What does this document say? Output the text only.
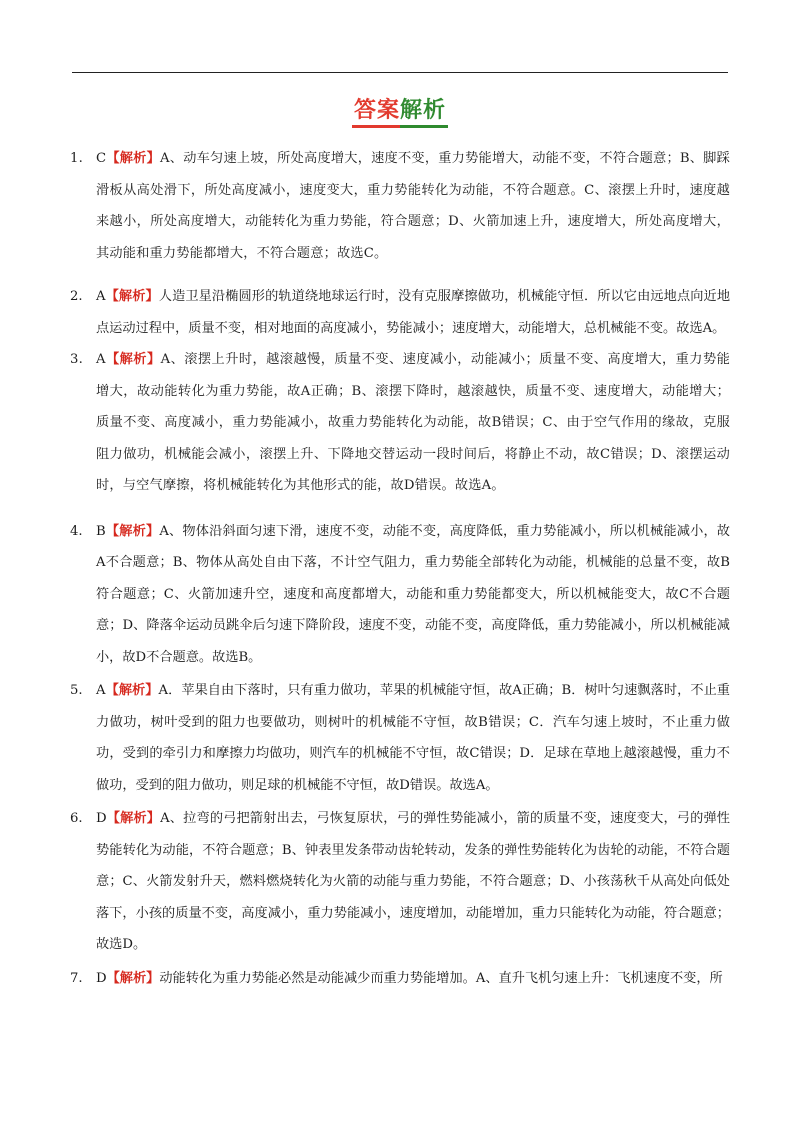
答案解析
1. C【解析】A、动车匀速上坡，所处高度增大，速度不变，重力势能增大，动能不变，不符合题意；B、脚踩滑板从高处滑下，所处高度减小，速度变大，重力势能转化为动能，不符合题意。C、滚摆上升时，速度越来越小，所处高度增大，动能转化为重力势能，符合题意；D、火箭加速上升，速度增大，所处高度增大，其动能和重力势能都增大，不符合题意；故选C。
2.	A【解析】人造卫星沿椭圆形的轨道绕地球运行时，没有克服摩擦做功，机械能守恒．所以它由远地点向近地点运动过程中，质量不变，相对地面的高度减小，势能减小；速度增大，动能增大，总机械能不变。故选A。
3. A【解析】A、滚摆上升时，越滚越慢，质量不变、速度减小，动能减小；质量不变、高度增大，重力势能增大，故动能转化为重力势能，故A正确；B、滚摆下降时，越滚越快，质量不变、速度增大，动能增大；质量不变、高度减小，重力势能减小，故重力势能转化为动能，故B错误；C、由于空气作用的缘故，克服阻力做功，机械能会减小，滚摆上升、下降地交替运动一段时间后，将静止不动，故C错误；D、滚摆运动时，与空气摩擦，将机械能转化为其他形式的能，故D错误。故选A。
4.	B【解析】A、物体沿斜面匀速下滑，速度不变，动能不变，高度降低，重力势能减小，所以机械能减小，故A不合题意；B、物体从高处自由下落，不计空气阻力，重力势能全部转化为动能，机械能的总量不变，故B符合题意；C、火箭加速升空，速度和高度都增大，动能和重力势能都变大，所以机械能变大，故C不合题意；D、降落伞运动员跳伞后匀速下降阶段，速度不变，动能不变，高度降低，重力势能减小，所以机械能减小，故D不合题意。故选B。
5.	A【解析】A．苹果自由下落时，只有重力做功，苹果的机械能守恒，故A正确；B．树叶匀速飘落时，不止重力做功，树叶受到的阻力也要做功，则树叶的机械能不守恒，故B错误；C．汽车匀速上坡时，不止重力做功，受到的牵引力和摩擦力均做功，则汽车的机械能不守恒，故C错误；D．足球在草地上越滚越慢，重力不做功，受到的阻力做功，则足球的机械能不守恒，故D错误。故选A。
6.	D【解析】A、拉弯的弓把箭射出去，弓恢复原状，弓的弹性势能减小，箭的质量不变，速度变大，弓的弹性势能转化为动能，不符合题意；B、钟表里发条带动齿轮转动，发条的弹性势能转化为齿轮的动能，不符合题意；C、火箭发射升天，燃料燃烧转化为火箭的动能与重力势能，不符合题意；D、小孩荡秋千从高处向低处落下，小孩的质量不变，高度减小，重力势能减小，速度增加，动能增加，重力只能转化为动能，符合题意；故选D。
7.	D【解析】动能转化为重力势能必然是动能减少而重力势能增加。A、直升飞机匀速上升：飞机速度不变，所
